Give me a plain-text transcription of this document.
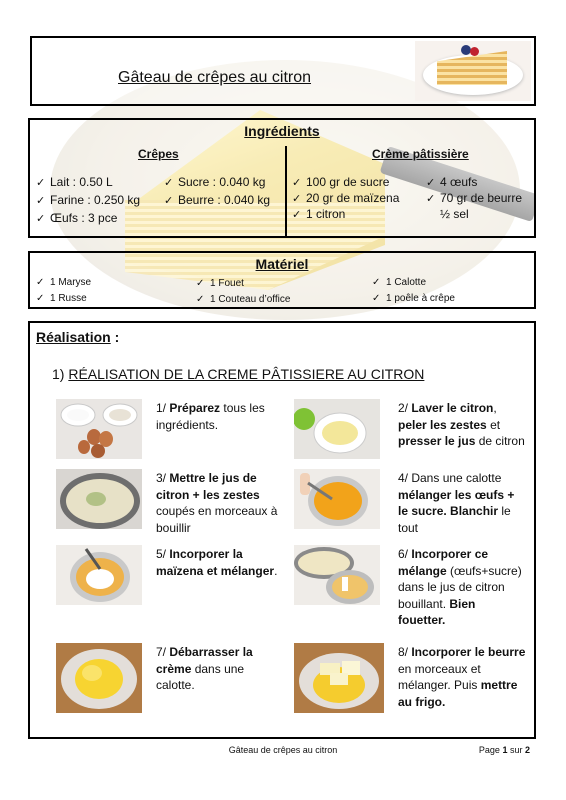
Gâteau de crêpes au citron
Ingrédients
Crêpes	Crème pâtissière
✓ Lait : 0.50 L
✓ Farine : 0.250 kg
✓ Œufs : 3 pce
✓ Sucre : 0.040 kg
✓ Beurre : 0.040 kg
✓ 100 gr de sucre
✓ 20 gr de maïzena
✓ 1 citron
✓ 4 œufs
✓ 70 gr de beurre
½ sel
Matériel
✓ 1 Maryse
✓ 1 Russe
✓ 1 Fouet
✓ 1 Couteau d’office
✓ 1 Calotte
✓ 1 poêle à crêpe
Réalisation :
1) RÉALISATION DE LA CREME PÂTISSIERE AU CITRON
1/ Préparez tous les ingrédients.
2/ Laver le citron, peler les zestes et presser le jus de citron
3/ Mettre le jus de citron + les zestes coupés en morceaux à bouillir
4/ Dans une calotte mélanger les œufs + le sucre. Blanchir le tout
5/ Incorporer la maïzena et mélanger.
6/ Incorporer ce mélange (œufs+sucre) dans le jus de citron bouillant. Bien fouetter.
7/ Débarrasser la crème dans une calotte.
8/ Incorporer le beurre en morceaux et mélanger. Puis mettre au frigo.
Gâteau de crêpes au citron	Page 1 sur 2
